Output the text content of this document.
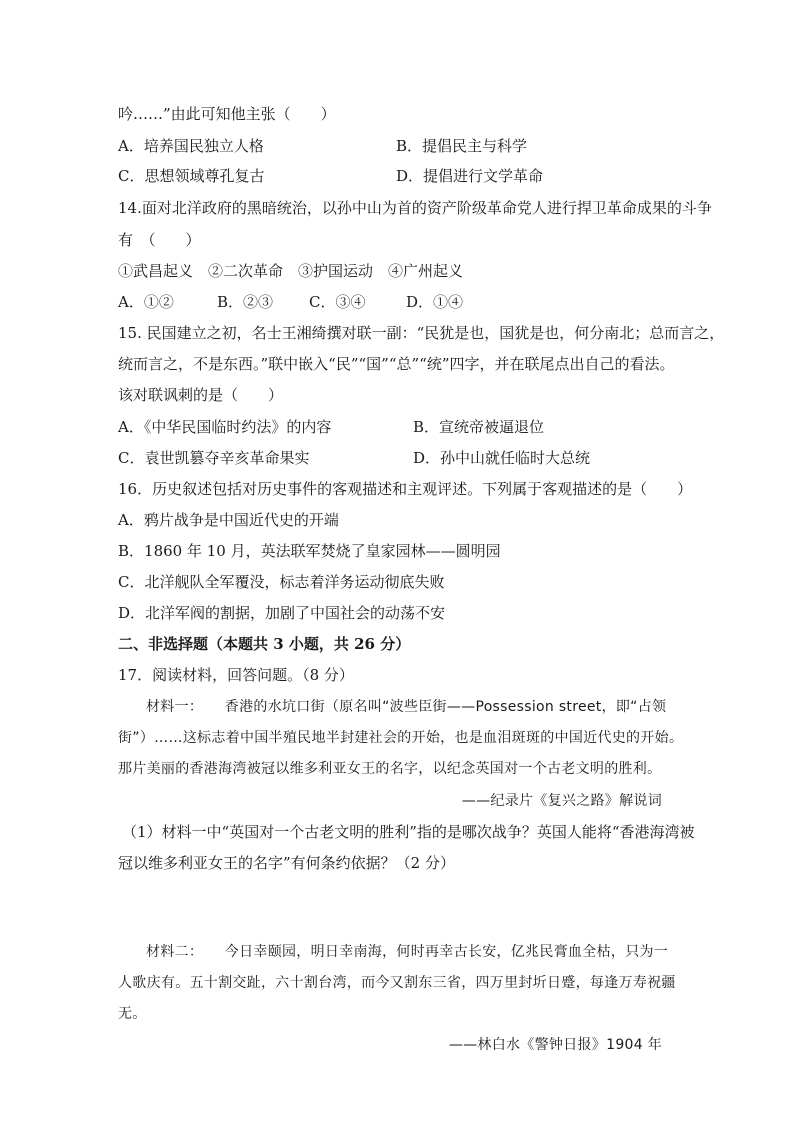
吟……”由此可知他主张（　　）
A．培养国民独立人格	B．提倡民主与科学
C．思想领域尊孔复古	D．提倡进行文学革命
14.面对北洋政府的黑暗统治，以孙中山为首的资产阶级革命党人进行捍卫革命成果的斗争
有　（　　）
①武昌起义　②二次革命　③护国运动　④广州起义
A．①②	B．②③ C．③④	D．①④
15. 民国建立之初，名士王湘绮撰对联一副：“民犹是也，国犹是也，何分南北；总而言之，
统而言之，不是东西。”联中嵌入“民”“国”“总”“统”四字，并在联尾点出自己的看法。
该对联讽刺的是（　　）
A．《中华民国临时约法》的内容	B．宣统帝被逼退位
C．袁世凯篡夺辛亥革命果实	D．孙中山就任临时大总统
16．历史叙述包括对历史事件的客观描述和主观评述。下列属于客观描述的是（　　）
A．鸦片战争是中国近代史的开端
B．1860 年 10 月，英法联军焚烧了皇家园林——圆明园
C．北洋舰队全军覆没，标志着洋务运动彻底失败
D．北洋军阀的割据，加剧了中国社会的动荡不安
二、非选择题（本题共 3 小题，共 26 分）
17．阅读材料，回答问题。（8 分）
材料一：　　香港的水坑口街（原名叫“波些臣街——Possession street，即“占领
街”）……这标志着中国半殖民地半封建社会的开始，也是血泪斑斑的中国近代史的开始。
那片美丽的香港海湾被冠以维多利亚女王的名字，以纪念英国对一个古老文明的胜利。
——纪录片《复兴之路》解说词
（1）材料一中“英国对一个古老文明的胜利”指的是哪次战争？英国人能将“香港海湾被
冠以维多利亚女王的名字”有何条约依据？（2 分）
材料二：　　今日幸颐园，明日幸南海，何时再幸古长安，亿兆民膏血全枯，只为一
人歌庆有。五十割交趾，六十割台湾，而今又割东三省，四万里封圻日蹙，每逢万寿祝疆
无。
——林白水《警钟日报》1904 年
